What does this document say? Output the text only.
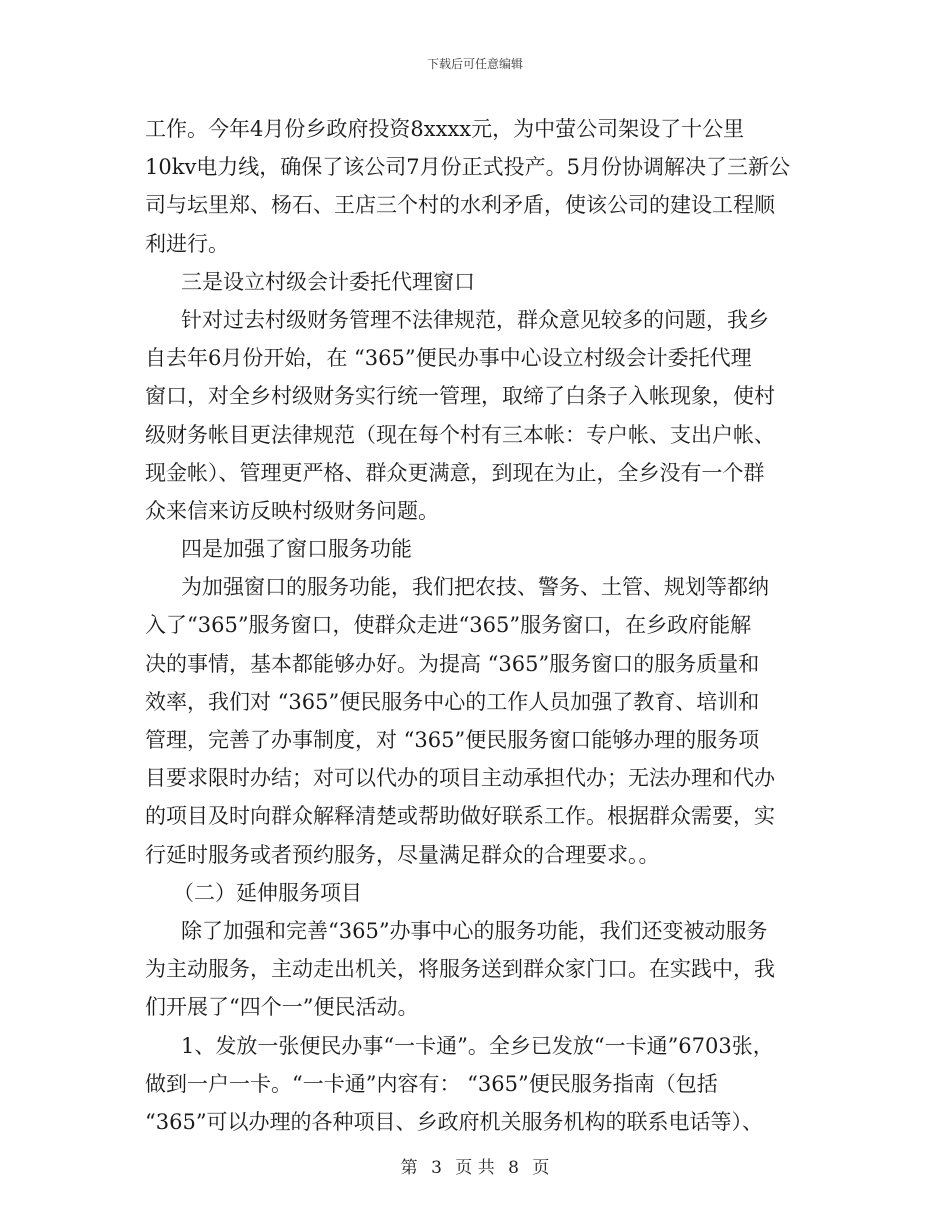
下载后可任意编辑
工作。今年4月份乡政府投资8xxxx元，为中萤公司架设了十公里
10kv电力线，确保了该公司7月份正式投产。5月份协调解决了三新公
司与坛里郑、杨石、王店三个村的水利矛盾，使该公司的建设工程顺
利进行。
三是设立村级会计委托代理窗口
针对过去村级财务管理不法律规范，群众意见较多的问题，我乡
自去年6月份开始，在 “365”便民办事中心设立村级会计委托代理
窗口，对全乡村级财务实行统一管理，取缔了白条子入帐现象，使村
级财务帐目更法律规范（现在每个村有三本帐：专户帐、支出户帐、
现金帐）、管理更严格、群众更满意，到现在为止，全乡没有一个群
众来信来访反映村级财务问题。
四是加强了窗口服务功能
为加强窗口的服务功能，我们把农技、警务、土管、规划等都纳
入了“365”服务窗口，使群众走进“365”服务窗口，在乡政府能解
决的事情，基本都能够办好。为提高 “365”服务窗口的服务质量和
效率，我们对 “365”便民服务中心的工作人员加强了教育、培训和
管理，完善了办事制度，对 “365”便民服务窗口能够办理的服务项
目要求限时办结；对可以代办的项目主动承担代办；无法办理和代办
的项目及时向群众解释清楚或帮助做好联系工作。根据群众需要，实
行延时服务或者预约服务，尽量满足群众的合理要求。。
（二）延伸服务项目
除了加强和完善“365”办事中心的服务功能，我们还变被动服务
为主动服务，主动走出机关，将服务送到群众家门口。在实践中，我
们开展了“四个一”便民活动。
1、发放一张便民办事“一卡通”。全乡已发放“一卡通”6703张，
做到一户一卡。“一卡通”内容有： “365”便民服务指南（包括
“365”可以办理的各种项目、乡政府机关服务机构的联系电话等）、
第 3 页 共 8 页
